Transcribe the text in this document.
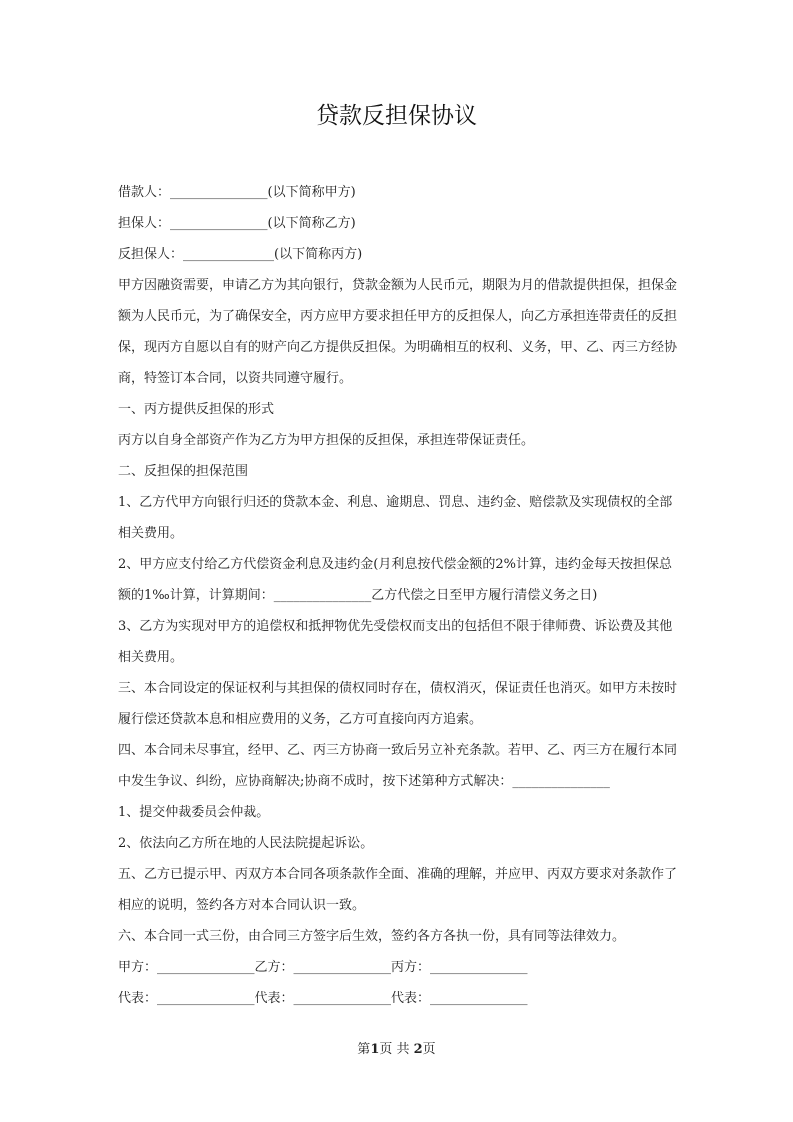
贷款反担保协议
借款人：_______________(以下简称甲方)
担保人：_______________(以下简称乙方)
反担保人：______________(以下简称丙方)
甲方因融资需要，申请乙方为其向银行，贷款金额为人民币元，期限为月的借款提供担保，担保金额为人民币元，为了确保安全，丙方应甲方要求担任甲方的反担保人，向乙方承担连带责任的反担保，现丙方自愿以自有的财产向乙方提供反担保。为明确相互的权利、义务，甲、乙、丙三方经协商，特签订本合同，以资共同遵守履行。
一、丙方提供反担保的形式
丙方以自身全部资产作为乙方为甲方担保的反担保，承担连带保证责任。
二、反担保的担保范围
1、乙方代甲方向银行归还的贷款本金、利息、逾期息、罚息、违约金、赔偿款及实现债权的全部相关费用。
2、甲方应支付给乙方代偿资金利息及违约金(月利息按代偿金额的2%计算，违约金每天按担保总额的1‰计算，计算期间：_______________乙方代偿之日至甲方履行清偿义务之日)
3、乙方为实现对甲方的追偿权和抵押物优先受偿权而支出的包括但不限于律师费、诉讼费及其他相关费用。
三、本合同设定的保证权利与其担保的债权同时存在，债权消灭，保证责任也消灭。如甲方未按时履行偿还贷款本息和相应费用的义务，乙方可直接向丙方追索。
四、本合同未尽事宜，经甲、乙、丙三方协商一致后另立补充条款。若甲、乙、丙三方在履行本同中发生争议、纠纷，应协商解决;协商不成时，按下述第种方式解决：_______________
1、提交仲裁委员会仲裁。
2、依法向乙方所在地的人民法院提起诉讼。
五、乙方已提示甲、丙双方本合同各项条款作全面、准确的理解，并应甲、丙双方要求对条款作了相应的说明，签约各方对本合同认识一致。
六、本合同一式三份，由合同三方签字后生效，签约各方各执一份，具有同等法律效力。
甲方：_______________乙方：_______________丙方：_______________
代表：_______________代表：_______________代表：_______________
第1页 共 2页
